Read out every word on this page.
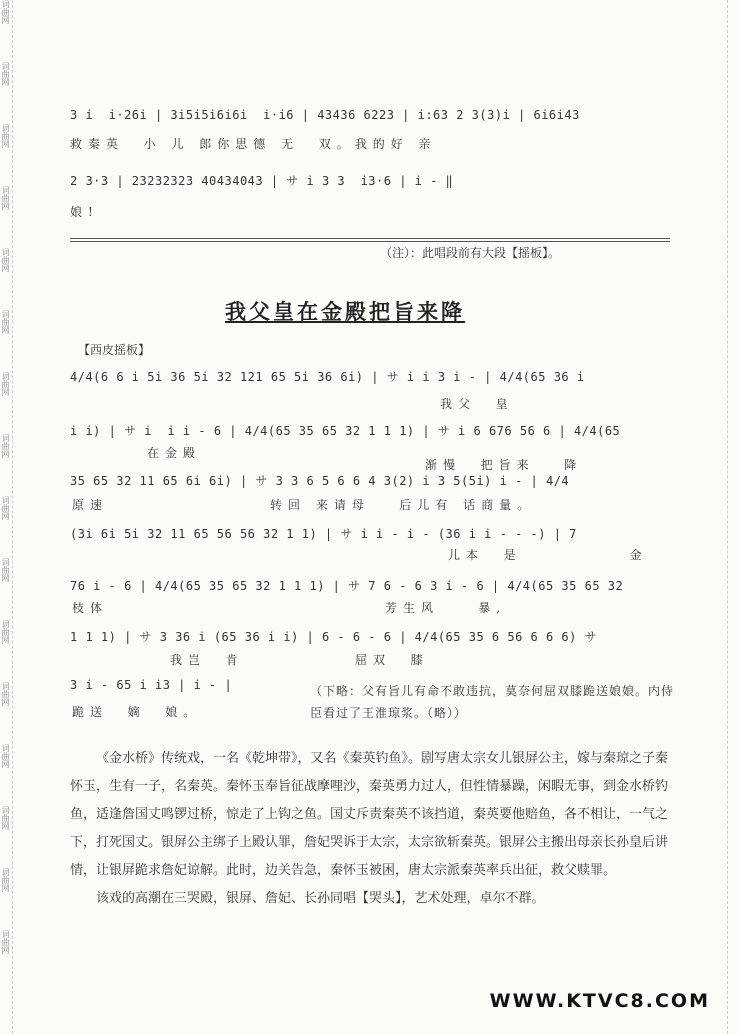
词曲网
词曲网
词曲网
词曲网
词曲网
词曲网
词曲网
词曲网
词曲网
词曲网
词曲网
词曲网
词曲网
词曲网
词曲网
词曲网
3 i  i·26i | 3i5i5i6i6i  i·i6 | 43436 6223 | i:63 2 3(3)i | 6i6i43
救秦英  小 儿 郎你思德 无  双。我的好 亲
2 3·3 | 23232323 40434043 | サ i 3 3  i3·6 | i - ‖
娘!
（注）：此唱段前有大段【摇板】。
我父皇在金殿把旨来降
【西皮摇板】
4/4(6 6 i 5i 36 5i 32 121 65 5i 36 6i) | サ i i 3 i - | 4/4(65 36 i
我父  皇
i i) | サ i  i i - 6 | 4/4(65 35 65 32 1 1 1) | サ i 6 676 56 6 | 4/4(65
在金殿
渐慢  把旨来   降
35 65 32 11 65 6i 6i) | サ 3 3 6 5 6 6 4 3(2) i 3 5(5i) i - | 4/4
原速	转回 来请母   后儿有 话商量。
(3i 6i 5i 32 11 65 56 56 32 1 1) | サ i i - i - (36 i i - - -) | 7
儿本  是           金
76 i - 6 | 4/4(65 35 65 32 1 1 1) | サ 7 6 - 6 3 i - 6 | 4/4(65 35 65 32
枝体	芳生风    暴,
1 1 1) | サ 3 36 i (65 36 i i) | 6 - 6 - 6 | 4/4(65 35 6 56 6 6 6) サ
我岂  肯	屈双  膝
3 i - 65 i i3 | i - |
跪送  嫡  娘。
（下略：父有旨儿有命不敢违抗，莫奈何屈双膝跪送娘娘。内侍臣看过了王淮琼浆。（略））

《金水桥》传统戏，一名《乾坤带》，又名《秦英钓鱼》。剧写唐太宗女儿银屏公主，嫁与秦琼之子秦怀玉，生有一子，名秦英。秦怀玉奉旨征战摩哩沙，秦英勇力过人，但性情暴躁，闲暇无事，到金水桥钓鱼，适逢詹国丈鸣锣过桥，惊走了上钩之鱼。国丈斥责秦英不该挡道，秦英要他赔鱼，各不相让，一气之下，打死国丈。银屏公主绑子上殿认罪，詹妃哭诉于太宗，太宗欲斩秦英。银屏公主搬出母亲长孙皇后讲情，让银屏跪求詹妃谅解。此时，边关告急，秦怀玉被困，唐太宗派秦英率兵出征，救父赎罪。

该戏的高潮在三哭殿，银屏、詹妃、长孙同唱【哭头】，艺术处理，卓尔不群。

WWW.KTVC8.COM
